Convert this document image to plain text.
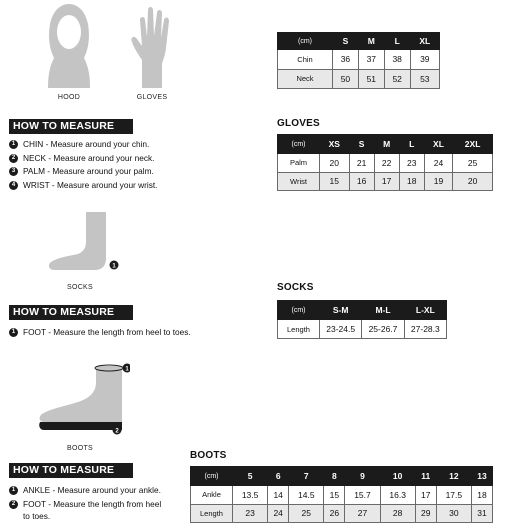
HOOD	GLOVES
1
SOCKS
1
2
BOOTS
HOW TO MEASURE
1 CHIN - Measure around your chin.
2 NECK - Measure around your neck.
3 PALM - Measure around your palm.
4 WRIST - Measure around your wrist.
HOW TO MEASURE
1 FOOT - Measure the length from heel to toes.
HOW TO MEASURE
1 ANKLE - Measure around your ankle.
2 FOOT - Measure the length from heel
to toes.
(cm)	S	M	L	XL
Chin	36	37	38	39
Neck	50	51	52	53
GLOVES
(cm)	XS	S	M	L	XL	2XL
Palm	20	21	22	23	24	25
Wrist	15	16	17	18	19	20
SOCKS
(cm)	S-M	M-L	L-XL
Length	23-24.5	25-26.7	27-28.3
BOOTS
(cm)	5	6	7	8	9	10	11	12	13
Ankle	13.5	14	14.5	15	15.7	16.3	17	17.5	18
Length	23	24	25	26	27	28	29	30	31
